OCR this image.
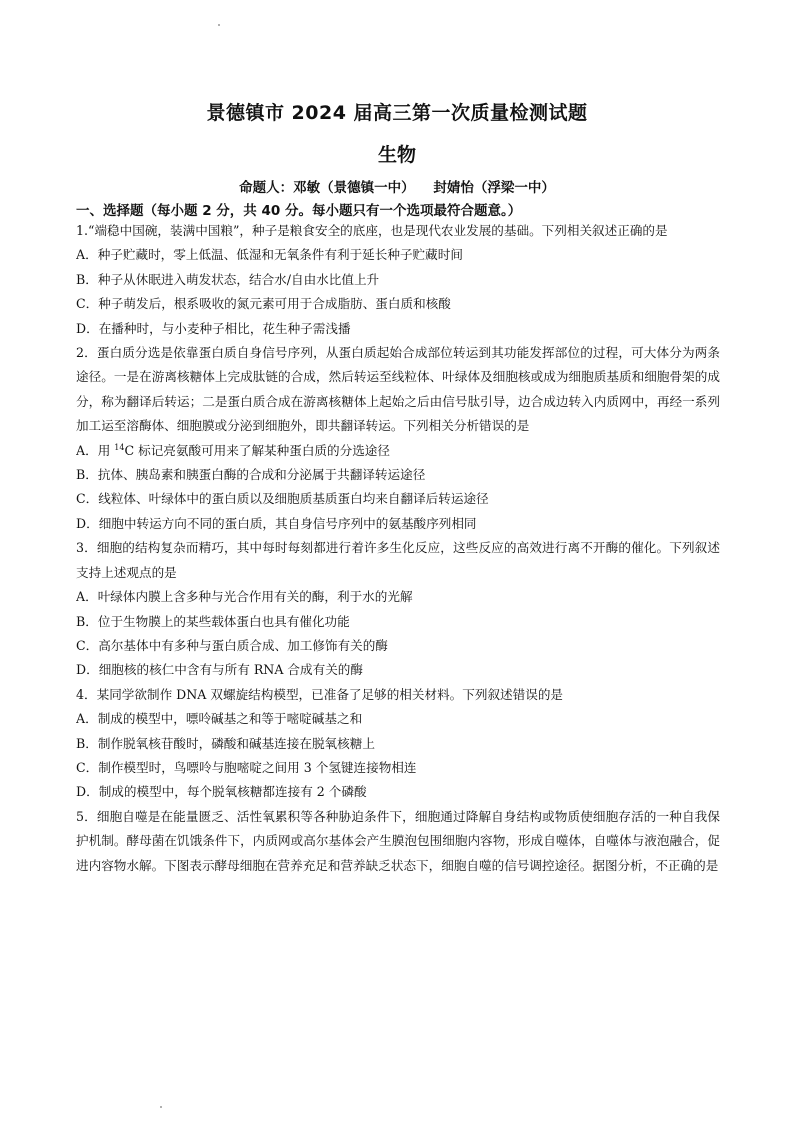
景德镇市 2024 届高三第一次质量检测试题
生物
命题人：邓敏（景德镇一中）    封婧怡（浮梁一中）
一、选择题（每小题 2 分，共 40 分。每小题只有一个选项最符合题意。）

1.“端稳中国碗，装满中国粮”，种子是粮食安全的底座，也是现代农业发展的基础。下列相关叙述正确的是

A．种子贮藏时，零上低温、低湿和无氧条件有利于延长种子贮藏时间

B．种子从休眠进入萌发状态，结合水/自由水比值上升

C．种子萌发后，根系吸收的氮元素可用于合成脂肪、蛋白质和核酸

D．在播种时，与小麦种子相比，花生种子需浅播

2．蛋白质分选是依靠蛋白质自身信号序列，从蛋白质起始合成部位转运到其功能发挥部位的过程，可大体分为两条途径。一是在游离核糖体上完成肽链的合成，然后转运至线粒体、叶绿体及细胞核或成为细胞质基质和细胞骨架的成分，称为翻译后转运；二是蛋白质合成在游离核糖体上起始之后由信号肽引导，边合成边转入内质网中，再经一系列加工运至溶酶体、细胞膜或分泌到细胞外，即共翻译转运。下列相关分析错误的是

A．用 $^{14}$C 标记亮氨酸可用来了解某种蛋白质的分选途径

B．抗体、胰岛素和胰蛋白酶的合成和分泌属于共翻译转运途径

C．线粒体、叶绿体中的蛋白质以及细胞质基质蛋白均来自翻译后转运途径

D．细胞中转运方向不同的蛋白质，其自身信号序列中的氨基酸序列相同

3．细胞的结构复杂而精巧，其中每时每刻都进行着许多生化反应，这些反应的高效进行离不开酶的催化。下列叙述支持上述观点的是

A．叶绿体内膜上含多种与光合作用有关的酶，利于水的光解

B．位于生物膜上的某些载体蛋白也具有催化功能

C．高尔基体中有多种与蛋白质合成、加工修饰有关的酶

D．细胞核的核仁中含有与所有 RNA 合成有关的酶

4．某同学欲制作 DNA 双螺旋结构模型，已准备了足够的相关材料。下列叙述错误的是

A．制成的模型中，嘌呤碱基之和等于嘧啶碱基之和

B．制作脱氧核苷酸时，磷酸和碱基连接在脱氧核糖上

C．制作模型时，鸟嘌呤与胞嘧啶之间用 3 个氢键连接物相连

D．制成的模型中，每个脱氧核糖都连接有 2 个磷酸

5．细胞自噬是在能量匮乏、活性氧累积等各种胁迫条件下，细胞通过降解自身结构或物质使细胞存活的一种自我保护机制。酵母菌在饥饿条件下，内质网或高尔基体会产生膜泡包围细胞内容物，形成自噬体，自噬体与液泡融合，促进内容物水解。下图表示酵母细胞在营养充足和营养缺乏状态下，细胞自噬的信号调控途径。据图分析，不正确的是
